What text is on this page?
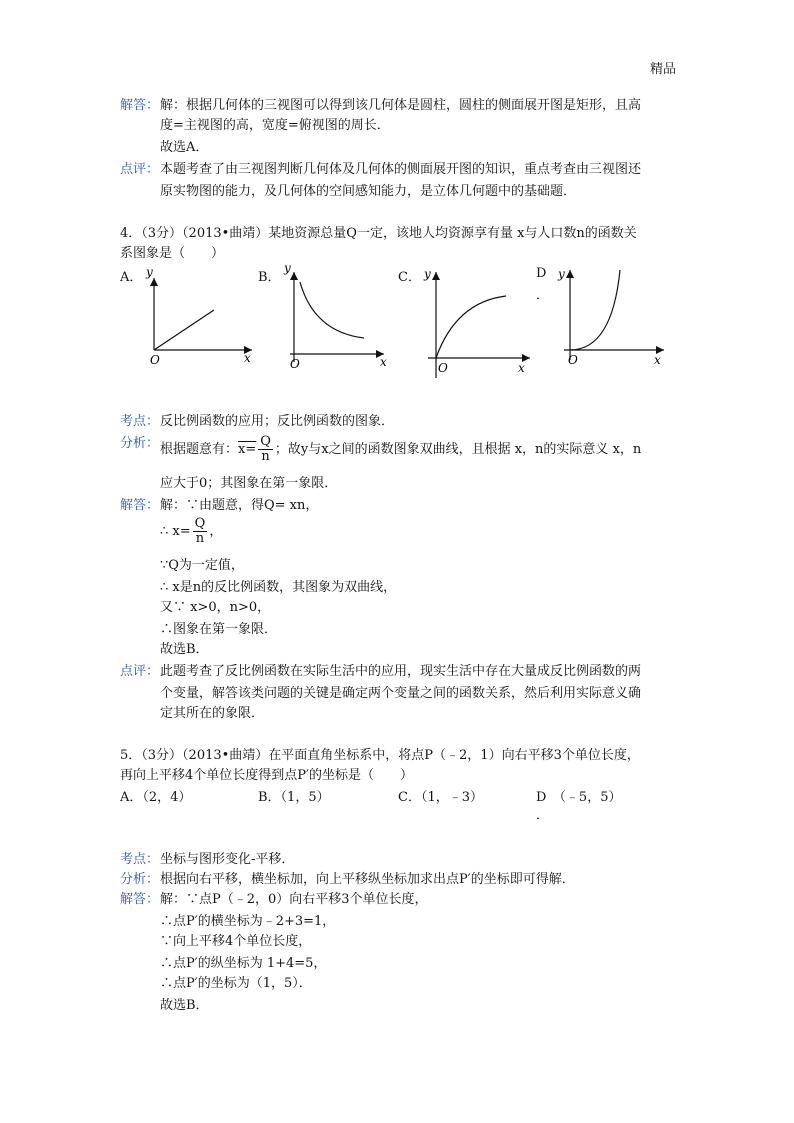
精品
解答： 解：根据几何体的三视图可以得到该几何体是圆柱，圆柱的侧面展开图是矩形，且高
度=主视图的高，宽度=俯视图的周长．
故选A．
点评： 本题考查了由三视图判断几何体及几何体的侧面展开图的知识，重点考查由三视图还
原实物图的能力，及几何体的空间感知能力，是立体几何题中的基础题．
4．（3分）（2013•曲靖）某地资源总量Q一定，该地人均资源享有量 x与人口数n的函数关
系图象是（　　）
A． y
x
O
B．
y
x
O
C． y
x
O
D
．
y
x
O
考点： 反比例函数的应用；反比例函数的图象．
分析： 根据题意有：$x= \frac{Q}{n}$ ；故y与x之间的函数图象双曲线，且根据 x，n的实际意义 x，n
应大于0；其图象在第一象限．
解答： 解：∵由题意，得Q= xn，
∴ $x= \frac{Q}{n}$ ，
∵Q为一定值，
∴ x是n的反比例函数，其图象为双曲线，
又∵ x>0，n>0，
∴图象在第一象限．
故选B．
点评： 此题考查了反比例函数在实际生活中的应用，现实生活中存在大量成反比例函数的两
个变量，解答该类问题的关键是确定两个变量之间的函数关系，然后利用实际意义确
定其所在的象限．
5．（3分）（2013•曲靖）在平面直角坐标系中，将点P（﹣2，1）向右平移3个单位长度，
再向上平移4个单位长度得到点P′的坐标是（　　）
A．（2，4）	B．（1，5）	C．（1，﹣3）	D　（﹣5，5）
．
考点： 坐标与图形变化-平移．
分析： 根据向右平移，横坐标加，向上平移纵坐标加求出点P′的坐标即可得解．
解答： 解：∵点P（﹣2，0）向右平移3个单位长度，
∴点P′的横坐标为﹣2+3=1，
∵向上平移4个单位长度，
∴点P′的纵坐标为 1+4=5，
∴点P′的坐标为（1，5）．
故选B．
